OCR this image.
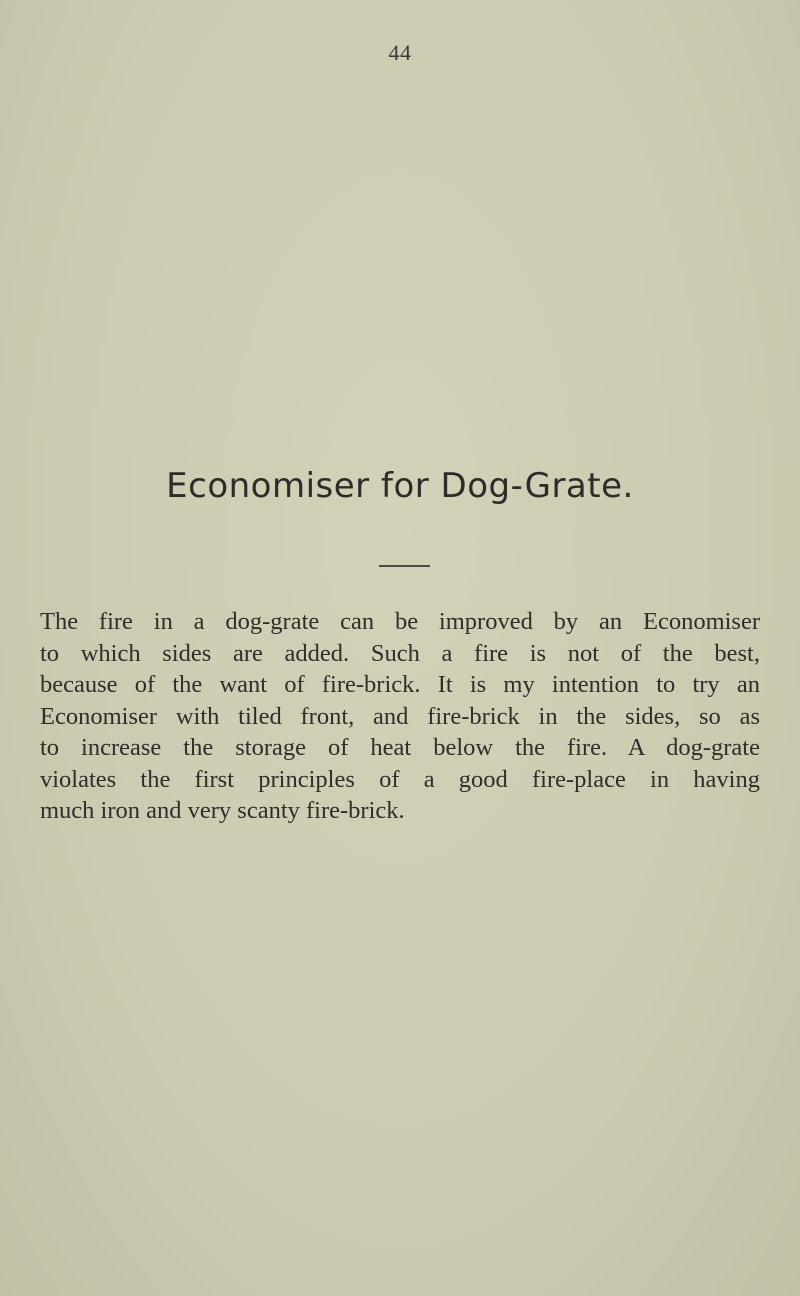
44
Economiser for Dog-Grate.
The fire in a dog-grate can be improved by an Economiser
to which sides are added. Such a fire is not of the best,
because of the want of fire-brick. It is my intention to try an
Economiser with tiled front, and fire-brick in the sides, so as
to increase the storage of heat below the fire. A dog-grate
violates the first principles of a good fire-place in having
much iron and very scanty fire-brick.
